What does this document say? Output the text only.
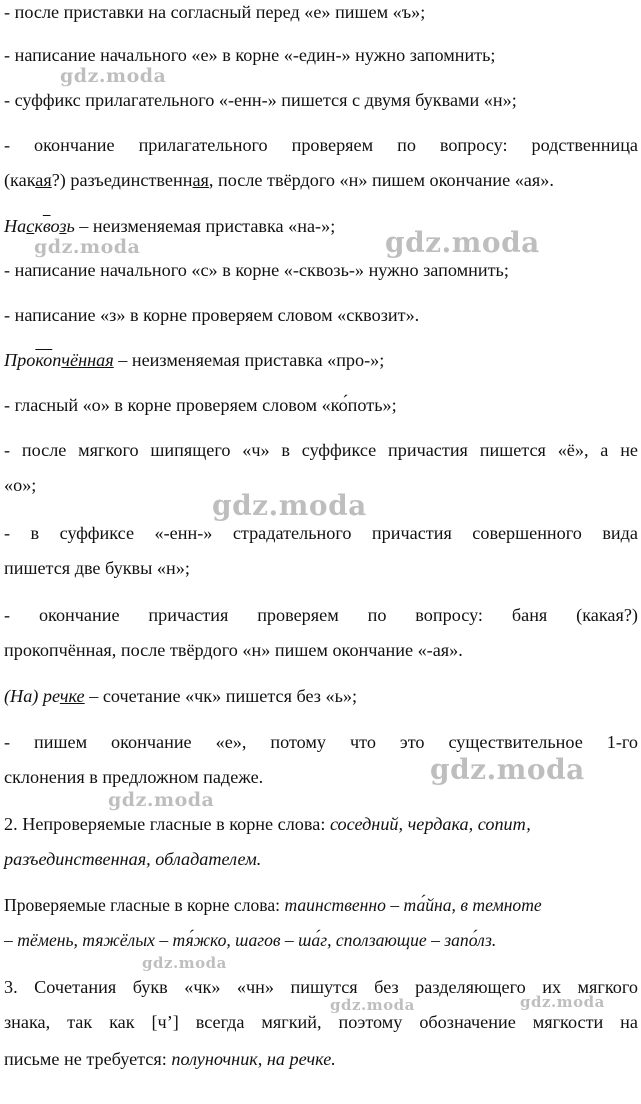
- после приставки на согласный перед «е» пишем «ъ»;
- написание начального «е» в корне «-един-» нужно запомнить;
- суффикс прилагательного «-енн-» пишется с двумя буквами «н»;
- окончание прилагательного проверяем по вопросу: родственница
(какая?) разъединственная, после твёрдого «н» пишем окончание «ая».
Насквозь – неизменяемая приставка «на-»;
- написание начального «с» в корне «-сквозь-» нужно запомнить;
- написание «з» в корне проверяем словом «сквозит».
Прокопчённая – неизменяемая приставка «про-»;
- гласный «о» в корне проверяем словом «ко́поть»;
- после мягкого шипящего «ч» в суффиксе причастия пишется «ё», а не
«о»;
- в суффиксе «-енн-» страдательного причастия совершенного вида
пишется две буквы «н»;
- окончание причастия проверяем по вопросу: баня (какая?)
прокопчённая, после твёрдого «н» пишем окончание «-ая».
(На) речке – сочетание «чк» пишется без «ь»;
- пишем окончание «е», потому что это существительное 1-го
склонения в предложном падеже.
2. Непроверяемые гласные в корне слова: соседний, чердака, сопит,
разъединственная, обладателем.
Проверяемые гласные в корне слова: таинственно – та́йна, в темноте
– тёмень, тяжёлых – тя́жко, шагов – ша́г, сползающие – запо́лз.
3. Сочетания букв «чк» «чн» пишутся без разделяющего их мягкого
знака, так как [ч’] всегда мягкий, поэтому обозначение мягкости на
письме не требуется: полуночник, на речке.
gdz.moda
gdz.moda	gdz.moda
gdz.moda
gdz.moda
gdz.moda
gdz.moda
gdz.moda	gdz.moda
